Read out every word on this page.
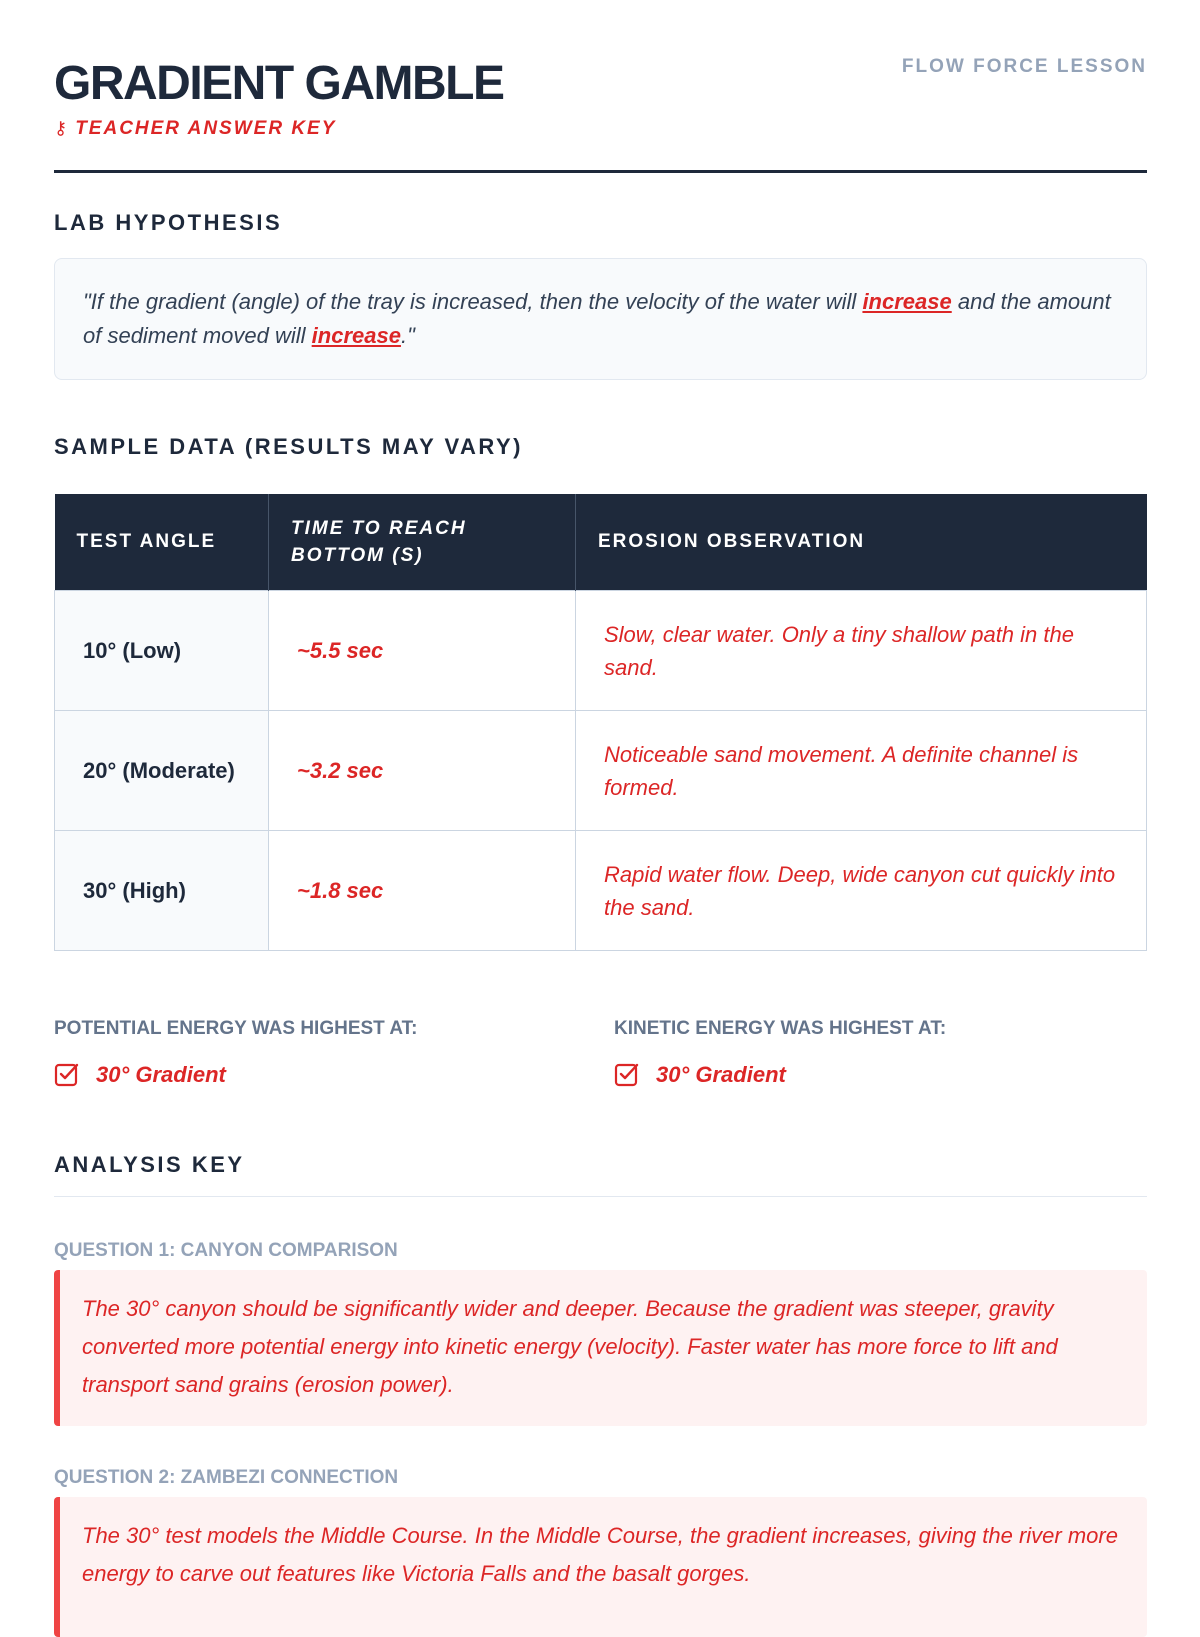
GRADIENT GAMBLE
⚷ TEACHER ANSWER KEY
FLOW FORCE LESSON
LAB HYPOTHESIS
"If the gradient (angle) of the tray is increased, then the velocity of the water will increase and the amount of sediment moved will increase."
SAMPLE DATA (RESULTS MAY VARY)
TEST ANGLE	TIME TO REACH BOTTOM (S)	EROSION OBSERVATION
10° (Low)	~5.5 sec	Slow, clear water. Only a tiny shallow path in the sand.
20° (Moderate)	~3.2 sec	Noticeable sand movement. A definite channel is formed.
30° (High)	~1.8 sec	Rapid water flow. Deep, wide canyon cut quickly into the sand.
POTENTIAL ENERGY WAS HIGHEST AT:
30° Gradient
KINETIC ENERGY WAS HIGHEST AT:
30° Gradient
ANALYSIS KEY
QUESTION 1: CANYON COMPARISON
The 30° canyon should be significantly wider and deeper. Because the gradient was steeper, gravity converted more potential energy into kinetic energy (velocity). Faster water has more force to lift and transport sand grains (erosion power).
QUESTION 2: ZAMBEZI CONNECTION
The 30° test models the Middle Course. In the Middle Course, the gradient increases, giving the river more energy to carve out features like Victoria Falls and the basalt gorges.
